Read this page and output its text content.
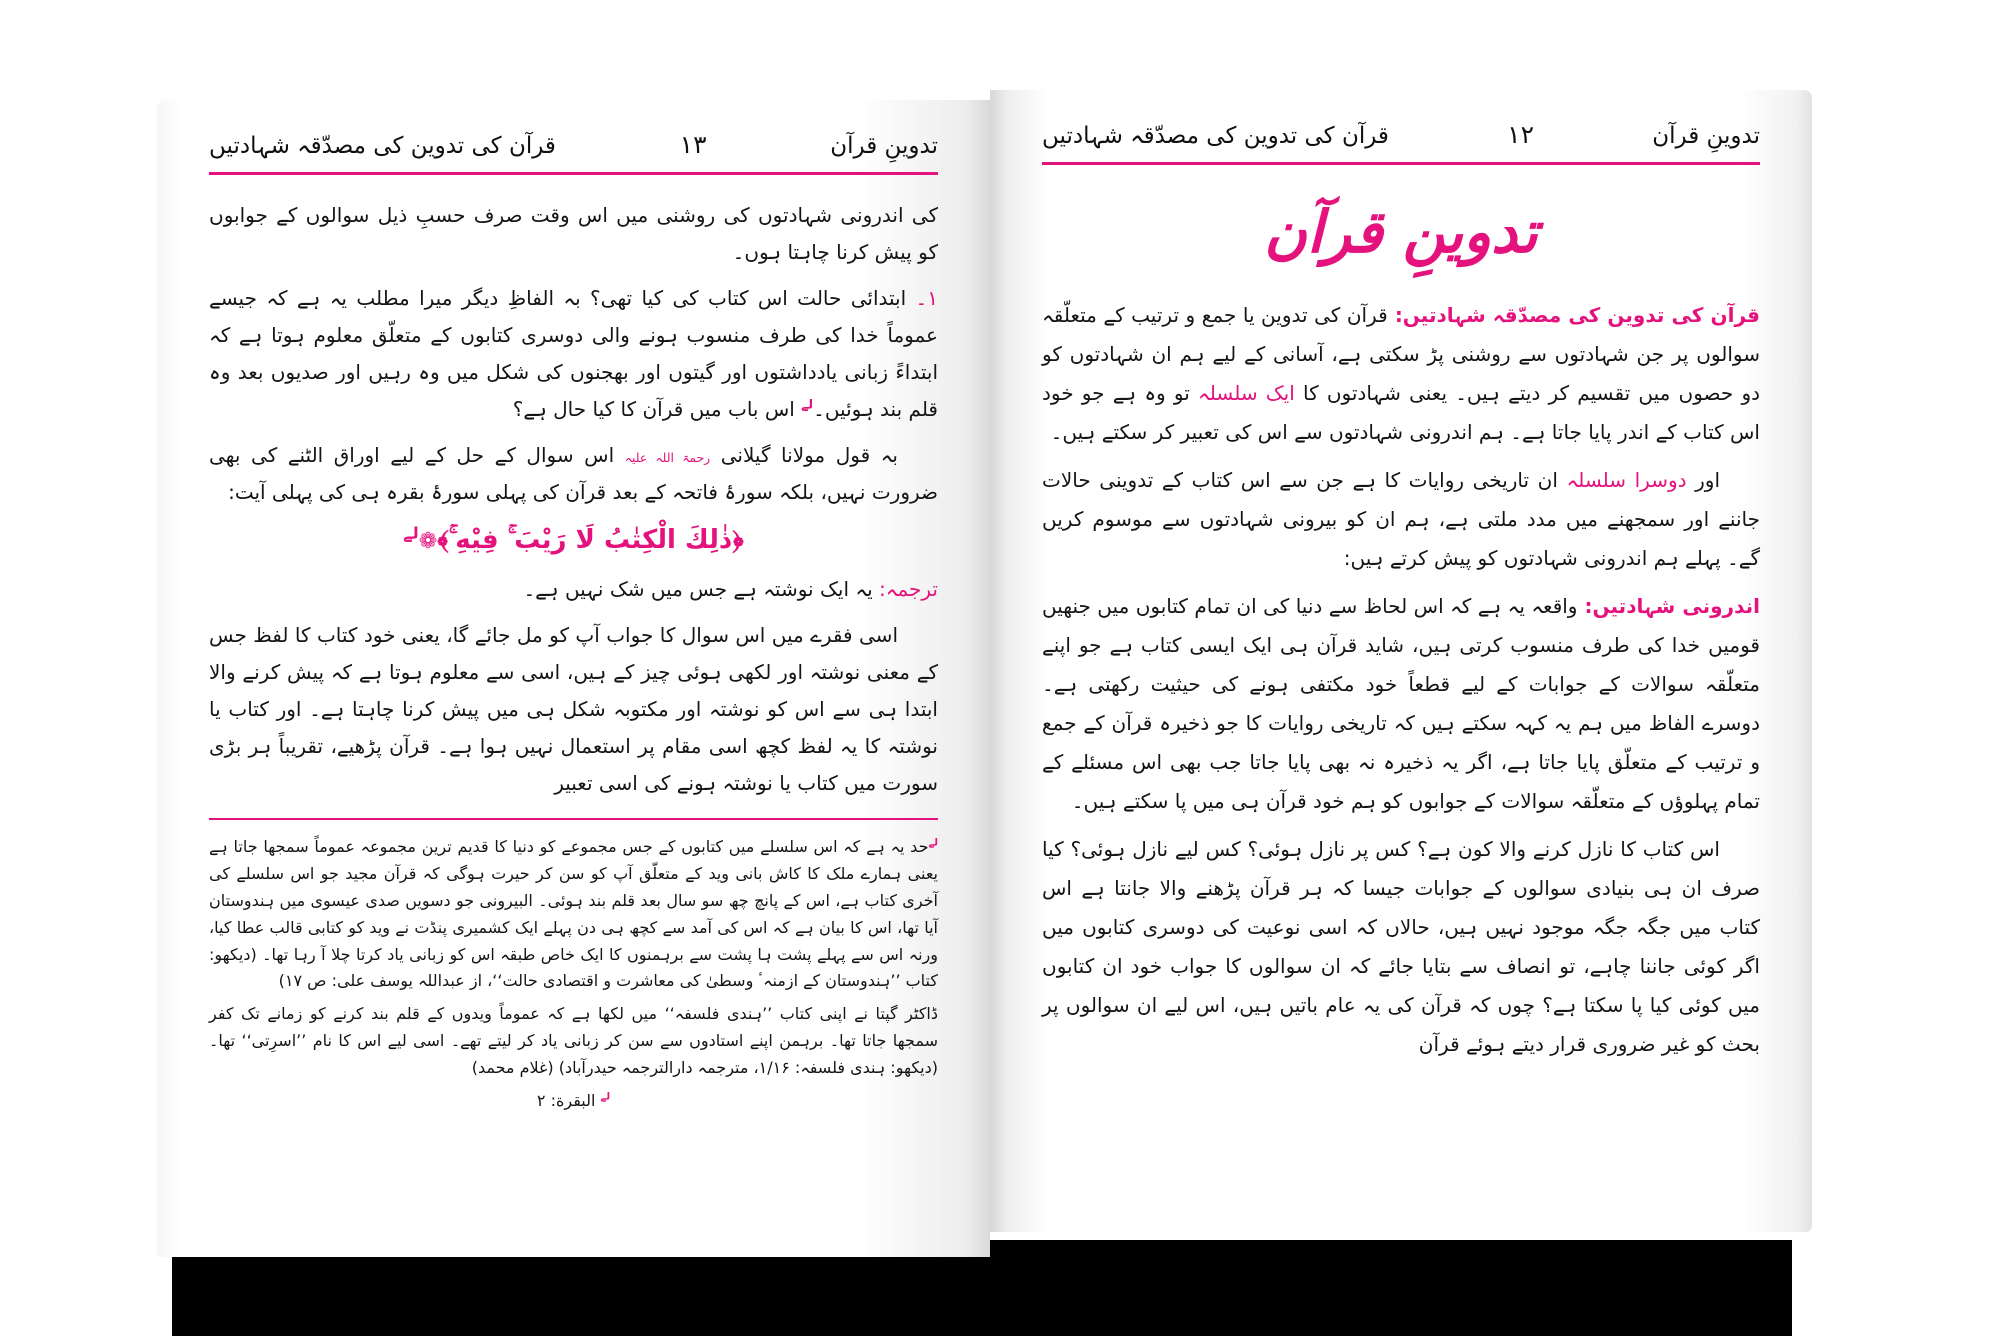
تدوینِ قرآن
۱۳
قرآن کی تدوین کی مصدّقہ شہادتیں
کی اندرونی شہادتوں کی روشنی میں اس وقت صرف حسبِ ذیل سوالوں کے جوابوں کو پیش کرنا چاہتا ہوں۔
۱۔ ابتدائی حالت اس کتاب کی کیا تھی؟ بہ الفاظِ دیگر میرا مطلب یہ ہے کہ جیسے عموماً خدا کی طرف منسوب ہونے والی دوسری کتابوں کے متعلّق معلوم ہوتا ہے کہ ابتداءً زبانی یادداشتوں اور گیتوں اور بھجنوں کی شکل میں وہ رہیں اور صدیوں بعد وہ قلم بند ہوئیں۔$^{لے}$ اس باب میں قرآن کا کیا حال ہے؟
بہ قول مولانا گیلانی رحمۃ اللہ علیہ اس سوال کے حل کے لیے اوراق الٹنے کی بھی ضرورت نہیں، بلکہ سورۂ فاتحہ کے بعد قرآن کی پہلی سورۂ بقرہ ہی کی پہلی آیت:
﴿ذٰلِكَ الْكِتٰبُ لَا رَيْبَ ۚ فِيْهِ ۚ﴾❁$^{لے}$
ترجمہ: یہ ایک نوشتہ ہے جس میں شک نہیں ہے۔
اسی فقرے میں اس سوال کا جواب آپ کو مل جائے گا، یعنی خود کتاب کا لفظ جس کے معنی نوشتہ اور لکھی ہوئی چیز کے ہیں، اسی سے معلوم ہوتا ہے کہ پیش کرنے والا ابتدا ہی سے اس کو نوشتہ اور مکتوبہ شکل ہی میں پیش کرنا چاہتا ہے۔ اور کتاب یا نوشتہ کا یہ لفظ کچھ اسی مقام پر استعمال نہیں ہوا ہے۔ قرآن پڑھیے، تقریباً ہر بڑی سورت میں کتاب یا نوشتہ ہونے کی اسی تعبیر
$^{لے}$حد یہ ہے کہ اس سلسلے میں کتابوں کے جس مجموعے کو دنیا کا قدیم ترین مجموعہ عموماً سمجھا جاتا ہے یعنی ہمارے ملک کا کاش بانی وید کے متعلّق آپ کو سن کر حیرت ہوگی کہ قرآن مجید جو اس سلسلے کی آخری کتاب ہے، اس کے پانچ چھ سو سال بعد قلم بند ہوئی۔ البیرونی جو دسویں صدی عیسوی میں ہندوستان آیا تھا، اس کا بیان ہے کہ اس کی آمد سے کچھ ہی دن پہلے ایک کشمیری پنڈت نے وید کو کتابی قالب عطا کیا، ورنہ اس سے پہلے پشت ہا پشت سے برہمنوں کا ایک خاص طبقہ اس کو زبانی یاد کرتا چلا آ رہا تھا۔ (دیکھو: کتاب ’’ہندوستان کے ازمنہٴ وسطیٰ کی معاشرت و اقتصادی حالت‘‘، از عبداللہ یوسف علی: ص ۱۷)
ڈاکٹر گپتا نے اپنی کتاب ’’ہندی فلسفہ‘‘ میں لکھا ہے کہ عموماً ویدوں کے قلم بند کرنے کو زمانے تک کفر سمجھا جاتا تھا۔ برہمن اپنے استادوں سے سن کر زبانی یاد کر لیتے تھے۔ اسی لیے اس کا نام ’’اسرِتی‘‘ تھا۔ (دیکھو: ہندی فلسفہ: ۱/۱۶، مترجمہ دارالترجمہ حیدرآباد) (غلام محمد)
$^{لے}$ البقرة: ۲
تدوینِ قرآن
۱۲
قرآن کی تدوین کی مصدّقہ شہادتیں
تدوینِ قرآن
قرآن کی تدوین کی مصدّقہ شہادتیں: قرآن کی تدوین یا جمع و ترتیب کے متعلّقہ سوالوں پر جن شہادتوں سے روشنی پڑ سکتی ہے، آسانی کے لیے ہم ان شہادتوں کو دو حصوں میں تقسیم کر دیتے ہیں۔ یعنی شہادتوں کا ایک سلسلہ تو وہ ہے جو خود اس کتاب کے اندر پایا جاتا ہے۔ ہم اندرونی شہادتوں سے اس کی تعبیر کر سکتے ہیں۔
اور دوسرا سلسلہ ان تاریخی روایات کا ہے جن سے اس کتاب کے تدوینی حالات جاننے اور سمجھنے میں مدد ملتی ہے، ہم ان کو بیرونی شہادتوں سے موسوم کریں گے۔ پہلے ہم اندرونی شہادتوں کو پیش کرتے ہیں:
اندرونی شہادتیں: واقعہ یہ ہے کہ اس لحاظ سے دنیا کی ان تمام کتابوں میں جنھیں قومیں خدا کی طرف منسوب کرتی ہیں، شاید قرآن ہی ایک ایسی کتاب ہے جو اپنے متعلّقہ سوالات کے جوابات کے لیے قطعاً خود مکتفی ہونے کی حیثیت رکھتی ہے۔ دوسرے الفاظ میں ہم یہ کہہ سکتے ہیں کہ تاریخی روایات کا جو ذخیرہ قرآن کے جمع و ترتیب کے متعلّق پایا جاتا ہے، اگر یہ ذخیرہ نہ بھی پایا جاتا جب بھی اس مسئلے کے تمام پہلوؤں کے متعلّقہ سوالات کے جوابوں کو ہم خود قرآن ہی میں پا سکتے ہیں۔
اس کتاب کا نازل کرنے والا کون ہے؟ کس پر نازل ہوئی؟ کس لیے نازل ہوئی؟ کیا صرف ان ہی بنیادی سوالوں کے جوابات جیسا کہ ہر قرآن پڑھنے والا جانتا ہے اس کتاب میں جگہ جگہ موجود نہیں ہیں، حالاں کہ اسی نوعیت کی دوسری کتابوں میں اگر کوئی جاننا چاہے، تو انصاف سے بتایا جائے کہ ان سوالوں کا جواب خود ان کتابوں میں کوئی کیا پا سکتا ہے؟ چوں کہ قرآن کی یہ عام باتیں ہیں، اس لیے ان سوالوں پر بحث کو غیر ضروری قرار دیتے ہوئے قرآن
